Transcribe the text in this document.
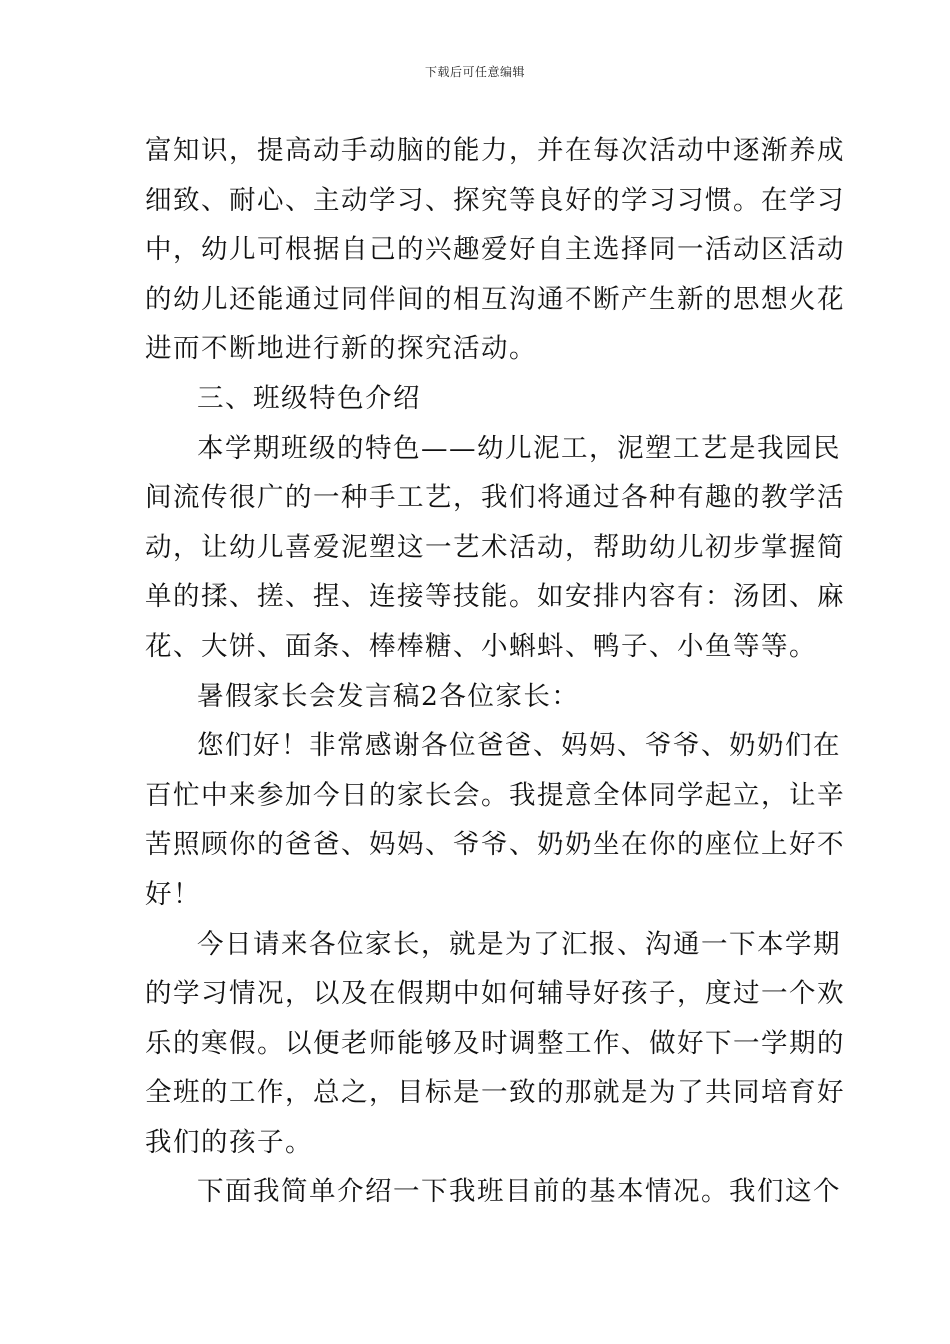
下载后可任意编辑
富知识，提高动手动脑的能力，并在每次活动中逐渐养成
细致、耐心、主动学习、探究等良好的学习习惯。在学习
中，幼儿可根据自己的兴趣爱好自主选择同一活动区活动
的幼儿还能通过同伴间的相互沟通不断产生新的思想火花
进而不断地进行新的探究活动。
三、班级特色介绍
本学期班级的特色——幼儿泥工，泥塑工艺是我园民
间流传很广的一种手工艺，我们将通过各种有趣的教学活
动，让幼儿喜爱泥塑这一艺术活动，帮助幼儿初步掌握简
单的揉、搓、捏、连接等技能。如安排内容有：汤团、麻
花、大饼、面条、棒棒糖、小蝌蚪、鸭子、小鱼等等。
暑假家长会发言稿2各位家长：
您们好！非常感谢各位爸爸、妈妈、爷爷、奶奶们在
百忙中来参加今日的家长会。我提意全体同学起立，让辛
苦照顾你的爸爸、妈妈、爷爷、奶奶坐在你的座位上好不
好！
今日请来各位家长，就是为了汇报、沟通一下本学期
的学习情况，以及在假期中如何辅导好孩子，度过一个欢
乐的寒假。以便老师能够及时调整工作、做好下一学期的
全班的工作，总之，目标是一致的那就是为了共同培育好
我们的孩子。
下面我简单介绍一下我班目前的基本情况。我们这个
